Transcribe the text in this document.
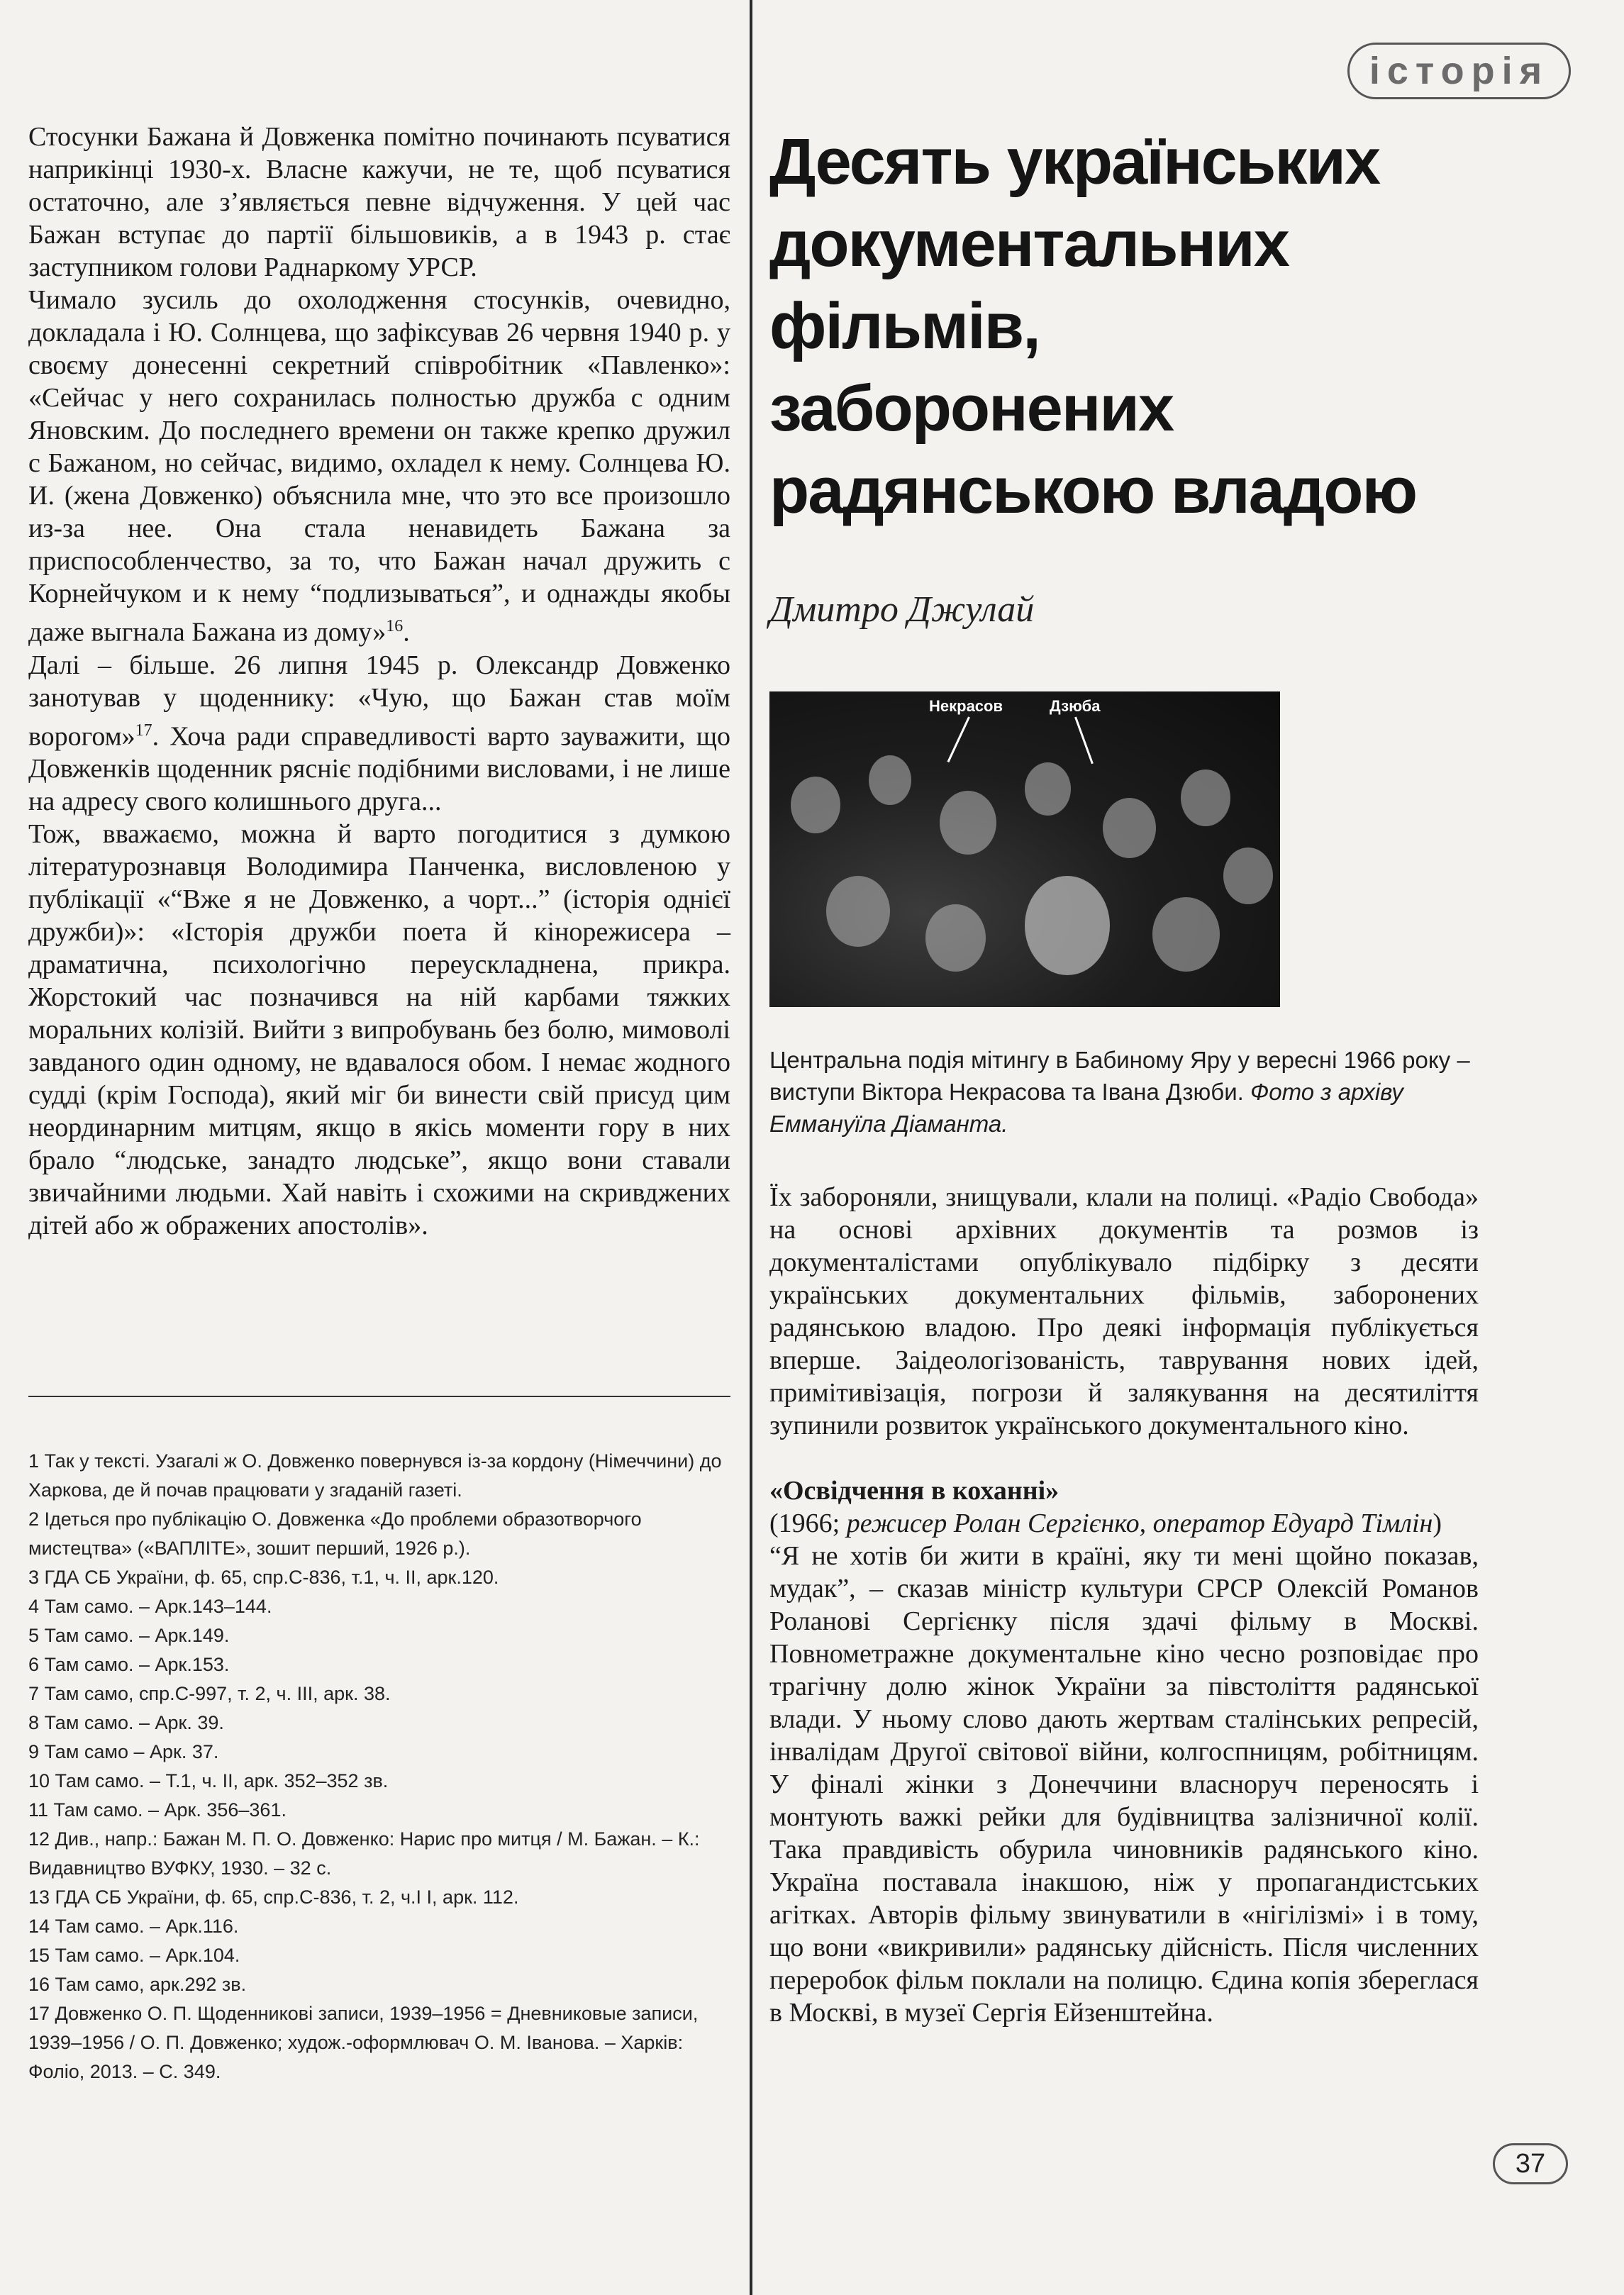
Стосунки Бажана й Довженка помітно починають псуватися наприкінці 1930-х. Власне кажучи, не те, щоб псуватися остаточно, але з’являється певне відчуження. У цей час Бажан вступає до партії більшовиків, а в 1943 р. стає заступником голови Раднаркому УРСР.

Чимало зусиль до охолодження стосунків, очевидно, докладала і Ю. Солнцева, що зафіксував 26 червня 1940 р. у своєму донесенні секретний співробітник «Павленко»: «Сейчас у него сохранилась полностью дружба с одним Яновским. До последнего времени он также крепко дружил с Бажаном, но сейчас, видимо, охладел к нему. Солнцева Ю. И. (жена Довженко) объяснила мне, что это все произошло из-за нее. Она стала ненавидеть Бажана за приспособленчество, за то, что Бажан начал дружить с Корнейчуком и к нему “подлизываться”, и однажды якобы даже выгнала Бажана из дому»$^{16}$.

Далі – більше. 26 липня 1945 р. Олександр Довженко занотував у щоденнику: «Чую, що Бажан став моїм ворогом»$^{17}$. Хоча ради справедливості варто зауважити, що Довженків щоденник ряснiє подібними висловами, і не лише на адресу свого колишнього друга...

Тож, вважаємо, можна й варто погодитися з думкою літературознавця Володимира Панченка, висловленою у публікації «“Вже я не Довженко, а чорт...” (історія однієї дружби)»: «Історія дружби поета й кінорежисера – драматична, психологічно переускладнена, прикра. Жорстокий час позначився на ній карбами тяжких моральних колізій. Вийти з випробувань без болю, мимоволі завданого один одному, не вдавалося обом. І немає жодного судді (крім Господа), який міг би винести свій присуд цим неординарним митцям, якщо в якісь моменти гору в них брало “людське, занадто людське”, якщо вони ставали звичайними людьми. Хай навіть і схожими на скривджених дітей або ж ображених апостолів».

1 Так у тексті. Узагалі ж О. Довженко повернувся із-за кордону (Німеччини) до Харкова, де й почав працювати у згаданій газеті.
2 Ідеться про публікацію О. Довженка «До проблеми образотворчого мистецтва» («ВАПЛІТЕ», зошит перший, 1926 р.).
3 ГДА СБ України, ф. 65, спр.С-836, т.1, ч. ІІ, арк.120.
4 Там само. – Арк.143–144.
5 Там само. – Арк.149.
6 Там само. – Арк.153.
7 Там само, спр.С-997, т. 2, ч. ІІІ, арк. 38.
8 Там само. – Арк. 39.
9 Там само – Арк. 37.
10 Там само. – Т.1, ч. ІІ, арк. 352–352 зв.
11 Там само. – Арк. 356–361.
12 Див., напр.: Бажан М. П. О. Довженко: Нарис про митця / М. Бажан. – К.: Видавництво ВУФКУ, 1930. – 32 с.
13 ГДА СБ України, ф. 65, спр.С-836, т. 2, ч.І І, арк. 112.
14 Там само. – Арк.116.
15 Там само. – Арк.104.
16 Там само, арк.292 зв.
17 Довженко О. П. Щоденникові записи, 1939–1956 = Дневниковые записи, 1939–1956 / О. П. Довженко; худож.-оформлювач О. М. Іванова. – Харків: Фоліо, 2013. – С. 349.
історія
Десять українських
документальних
фільмів,
заборонених
радянською владою
Дмитро Джулай
Некрасов	Дзюба
Центральна подія мітингу в Бабиному Яру у вересні 1966 року – виступи Віктора Некрасова та Івана Дзюби. Фото з архіву Еммануїла Діаманта.

Їх забороняли, знищували, клали на полиці. «Радіо Свобода» на основі архівних документів та розмов із документалістами опублікувало підбірку з десяти українських документальних фільмів, заборонених радянською владою. Про деякі інформація публікується вперше. Заідеологізованість, таврування нових ідей, примітивізація, погрози й залякування на десятиліття зупинили розвиток українського документального кіно.

«Освідчення в коханні»

(1966; режисер Ролан Сергієнко, оператор Едуард Тімлін)

“Я не хотів би жити в країні, яку ти мені щойно показав, мудак”, – сказав міністр культури СРСР Олексій Романов Роланові Сергієнку після здачі фільму в Москві. Повнометражне документальне кіно чесно розповідає про трагічну долю жінок України за півстоліття радянської влади. У ньому слово дають жертвам сталінських репресій, інвалідам Другої світової війни, колгоспницям, робітницям. У фіналі жінки з Донеччини власноруч переносять і монтують важкі рейки для будівництва залізничної колії. Така правдивість обурила чиновників радянського кіно. Україна поставала інакшою, ніж у пропагандистських агітках. Авторів фільму звинуватили в «нігілізмі» і в тому, що вони «викривили» радянську дійсність. Після численних переробок фільм поклали на полицю. Єдина копія збереглася в Москві, в музеї Сергія Ейзенштейна.

37
